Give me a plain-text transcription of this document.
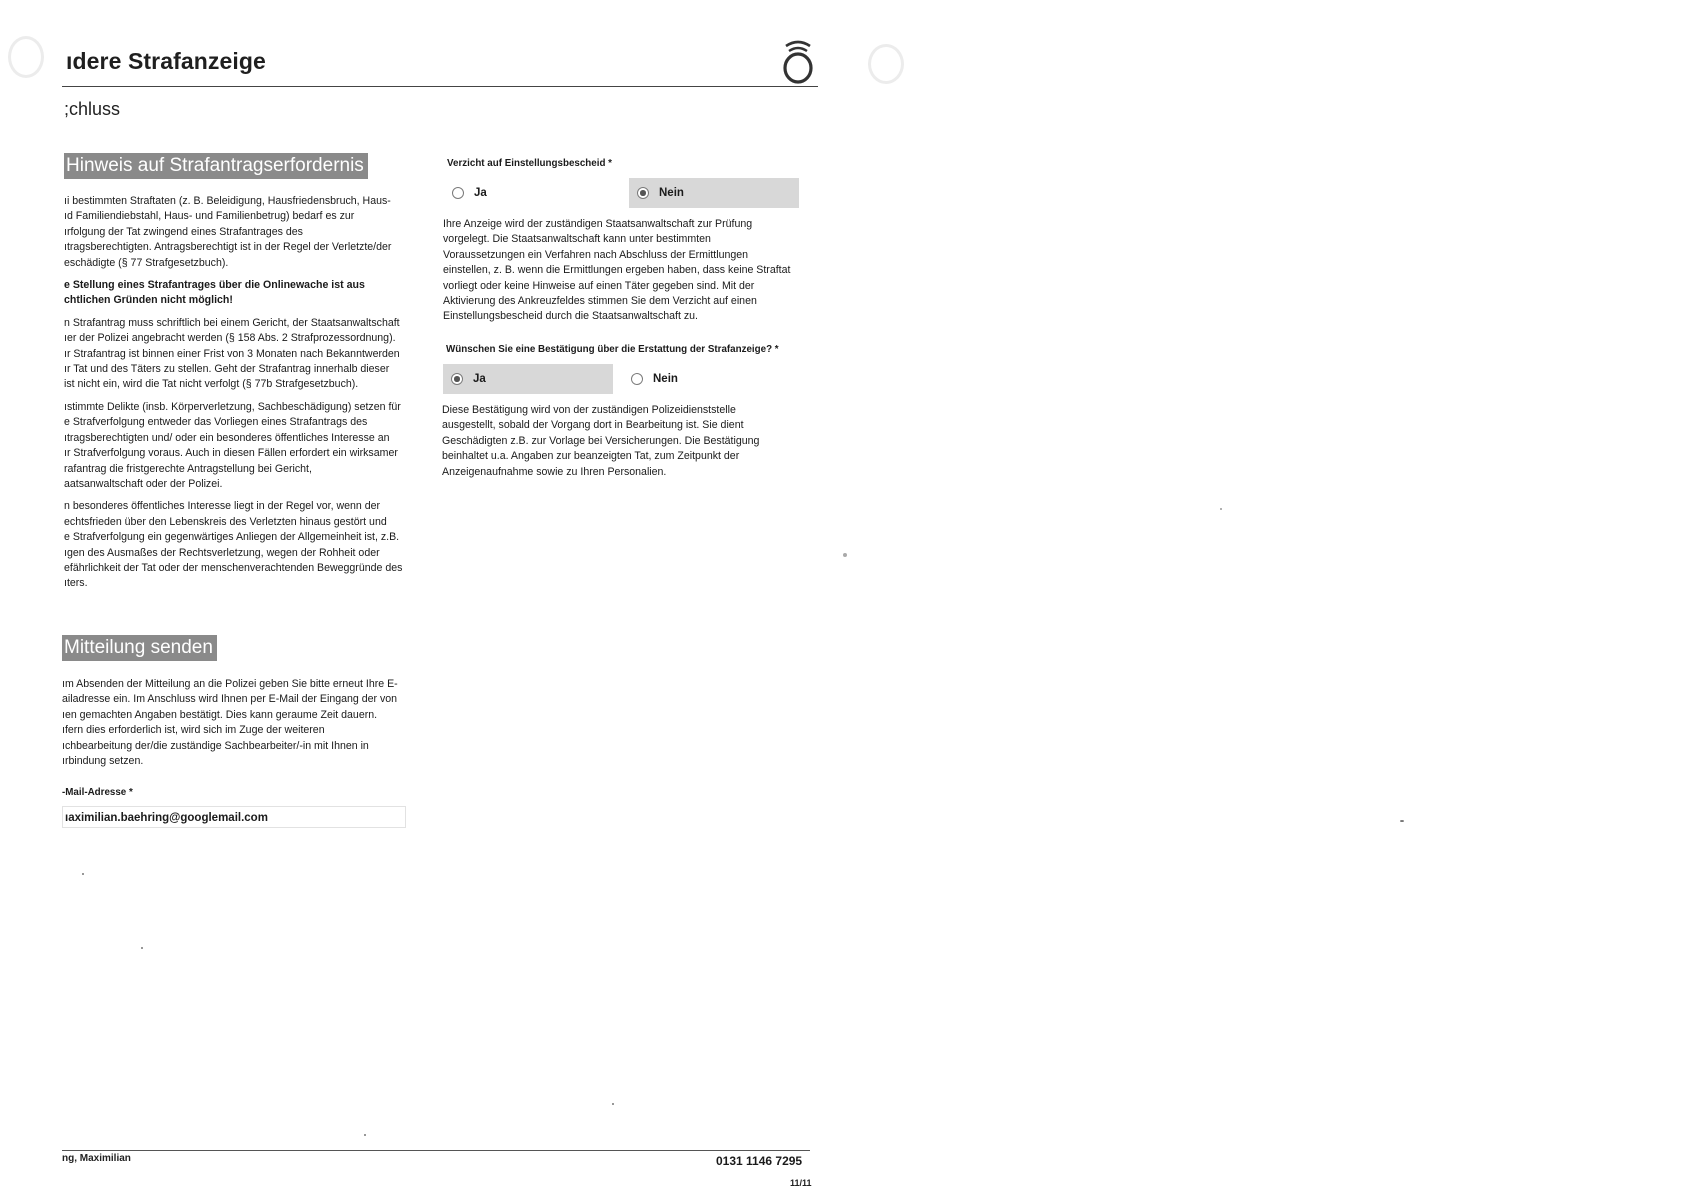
ıdere Strafanzeige
;chluss
Hinweis auf Strafantragserfordernis

ıi bestimmten Straftaten (z. B. Beleidigung, Hausfriedensbruch, Haus-
ıd Familiendiebstahl, Haus- und Familienbetrug) bedarf es zur
ırfolgung der Tat zwingend eines Strafantrages des
ıtragsberechtigten. Antragsberechtigt ist in der Regel der Verletzte/der
eschädigte (§ 77 Strafgesetzbuch).

e Stellung eines Strafantrages über die Onlinewache ist aus
chtlichen Gründen nicht möglich!

n Strafantrag muss schriftlich bei einem Gericht, der Staatsanwaltschaft
ıer der Polizei angebracht werden (§ 158 Abs. 2 Strafprozessordnung).
ır Strafantrag ist binnen einer Frist von 3 Monaten nach Bekanntwerden
ır Tat und des Täters zu stellen. Geht der Strafantrag innerhalb dieser
ist nicht ein, wird die Tat nicht verfolgt (§ 77b Strafgesetzbuch).

ıstimmte Delikte (insb. Körperverletzung, Sachbeschädigung) setzen für
e Strafverfolgung entweder das Vorliegen eines Strafantrags des
ıtragsberechtigten und/ oder ein besonderes öffentliches Interesse an
ır Strafverfolgung voraus. Auch in diesen Fällen erfordert ein wirksamer
rafantrag die fristgerechte Antragstellung bei Gericht,
aatsanwaltschaft oder der Polizei.

n besonderes öffentliches Interesse liegt in der Regel vor, wenn der
echtsfrieden über den Lebenskreis des Verletzten hinaus gestört und
e Strafverfolgung ein gegenwärtiges Anliegen der Allgemeinheit ist, z.B.
ıgen des Ausmaßes der Rechtsverletzung, wegen der Rohheit oder
efährlichkeit der Tat oder der menschenverachtenden Beweggründe des
ıters.

Mitteilung senden
ım Absenden der Mitteilung an die Polizei geben Sie bitte erneut Ihre E-
ailadresse ein. Im Anschluss wird Ihnen per E-Mail der Eingang der von
ıen gemachten Angaben bestätigt. Dies kann geraume Zeit dauern.
ıfern dies erforderlich ist, wird sich im Zuge der weiteren
ıchbearbeitung der/die zuständige Sachbearbeiter/-in mit Ihnen in
ırbindung setzen.
-Mail-Adresse *
ıaximilian.baehring@googlemail.com
Verzicht auf Einstellungsbescheid *
Ja	Nein
Ihre Anzeige wird der zuständigen Staatsanwaltschaft zur Prüfung
vorgelegt. Die Staatsanwaltschaft kann unter bestimmten
Voraussetzungen ein Verfahren nach Abschluss der Ermittlungen
einstellen, z. B. wenn die Ermittlungen ergeben haben, dass keine Straftat
vorliegt oder keine Hinweise auf einen Täter gegeben sind. Mit der
Aktivierung des Ankreuzfeldes stimmen Sie dem Verzicht auf einen
Einstellungsbescheid durch die Staatsanwaltschaft zu.
Wünschen Sie eine Bestätigung über die Erstattung der Strafanzeige? *
Ja	Nein
Diese Bestätigung wird von der zuständigen Polizeidienststelle
ausgestellt, sobald der Vorgang dort in Bearbeitung ist. Sie dient
Geschädigten z.B. zur Vorlage bei Versicherungen. Die Bestätigung
beinhaltet u.a. Angaben zur beanzeigten Tat, zum Zeitpunkt der
Anzeigenaufnahme sowie zu Ihren Personalien.
ng, Maximilian	0131 1146 7295
11/11
